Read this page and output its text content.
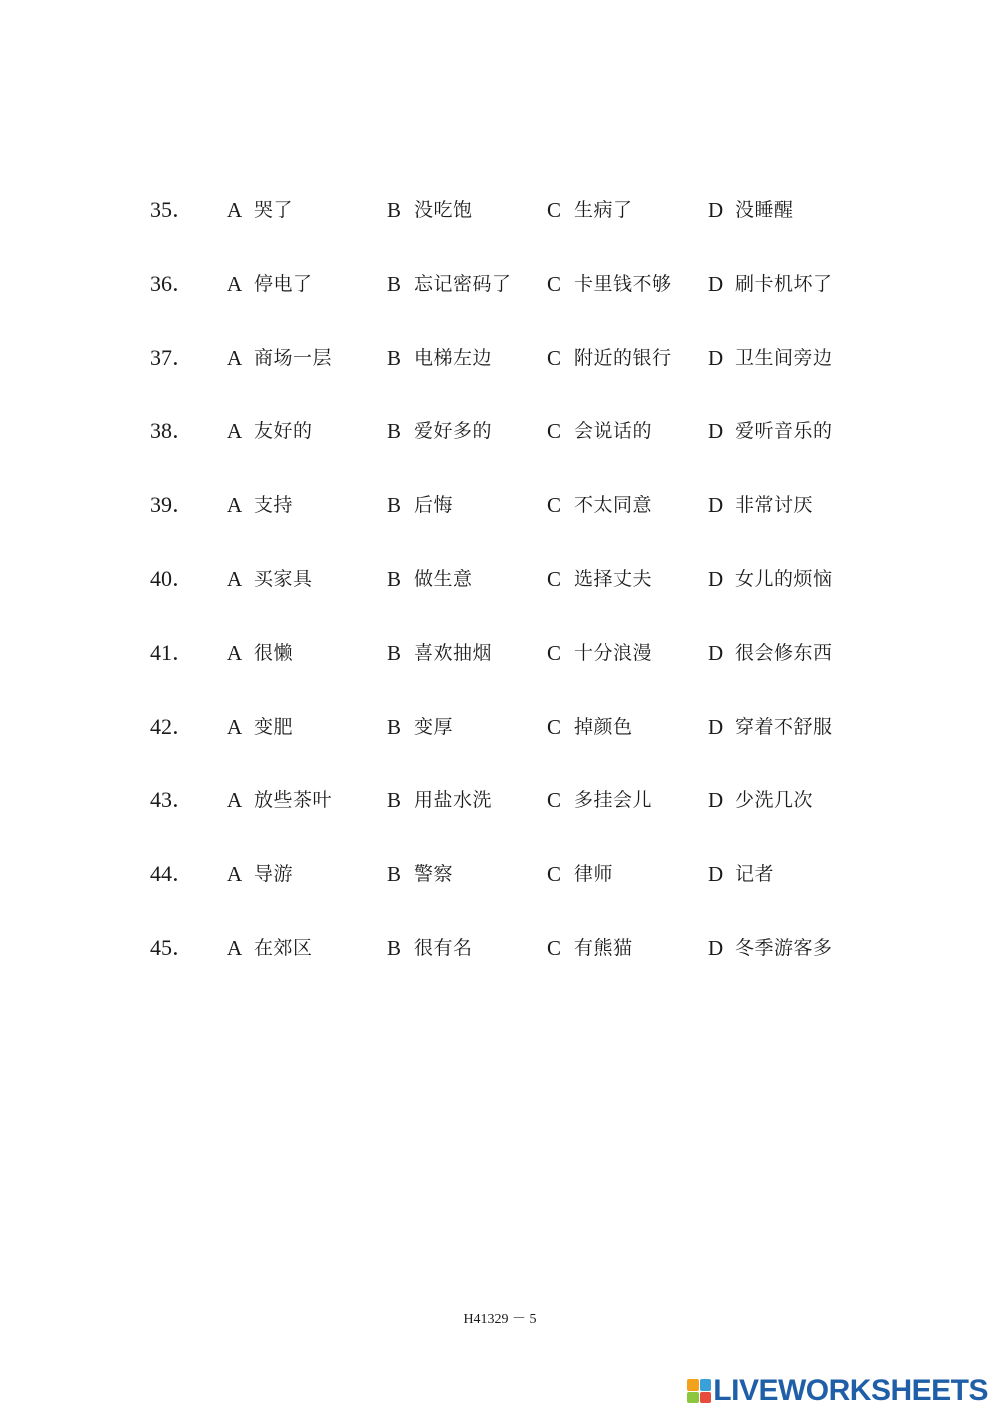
35． A 哭了	B 没吃饱	C 生病了	D 没睡醒
36． A 停电了	B 忘记密码了 C 卡里钱不够 D 刷卡机坏了
37． A 商场一层	B 电梯左边	C 附近的银行 D 卫生间旁边
38． A 友好的	B 爱好多的	C 会说话的	D 爱听音乐的
39． A 支持	B 后悔	C 不太同意	D 非常讨厌
40． A 买家具	B 做生意	C 选择丈夫	D 女儿的烦恼
41． A 很懒	B 喜欢抽烟	C 十分浪漫	D 很会修东西
42． A 变肥	B 变厚	C 掉颜色	D 穿着不舒服
43． A 放些茶叶	B 用盐水洗	C 多挂会儿	D 少洗几次
44． A 导游	B 警察	C 律师	D 记者
45． A 在郊区	B 很有名	C 有熊猫	D 冬季游客多
H41329 － 5
LIVEWORKSHEETS
